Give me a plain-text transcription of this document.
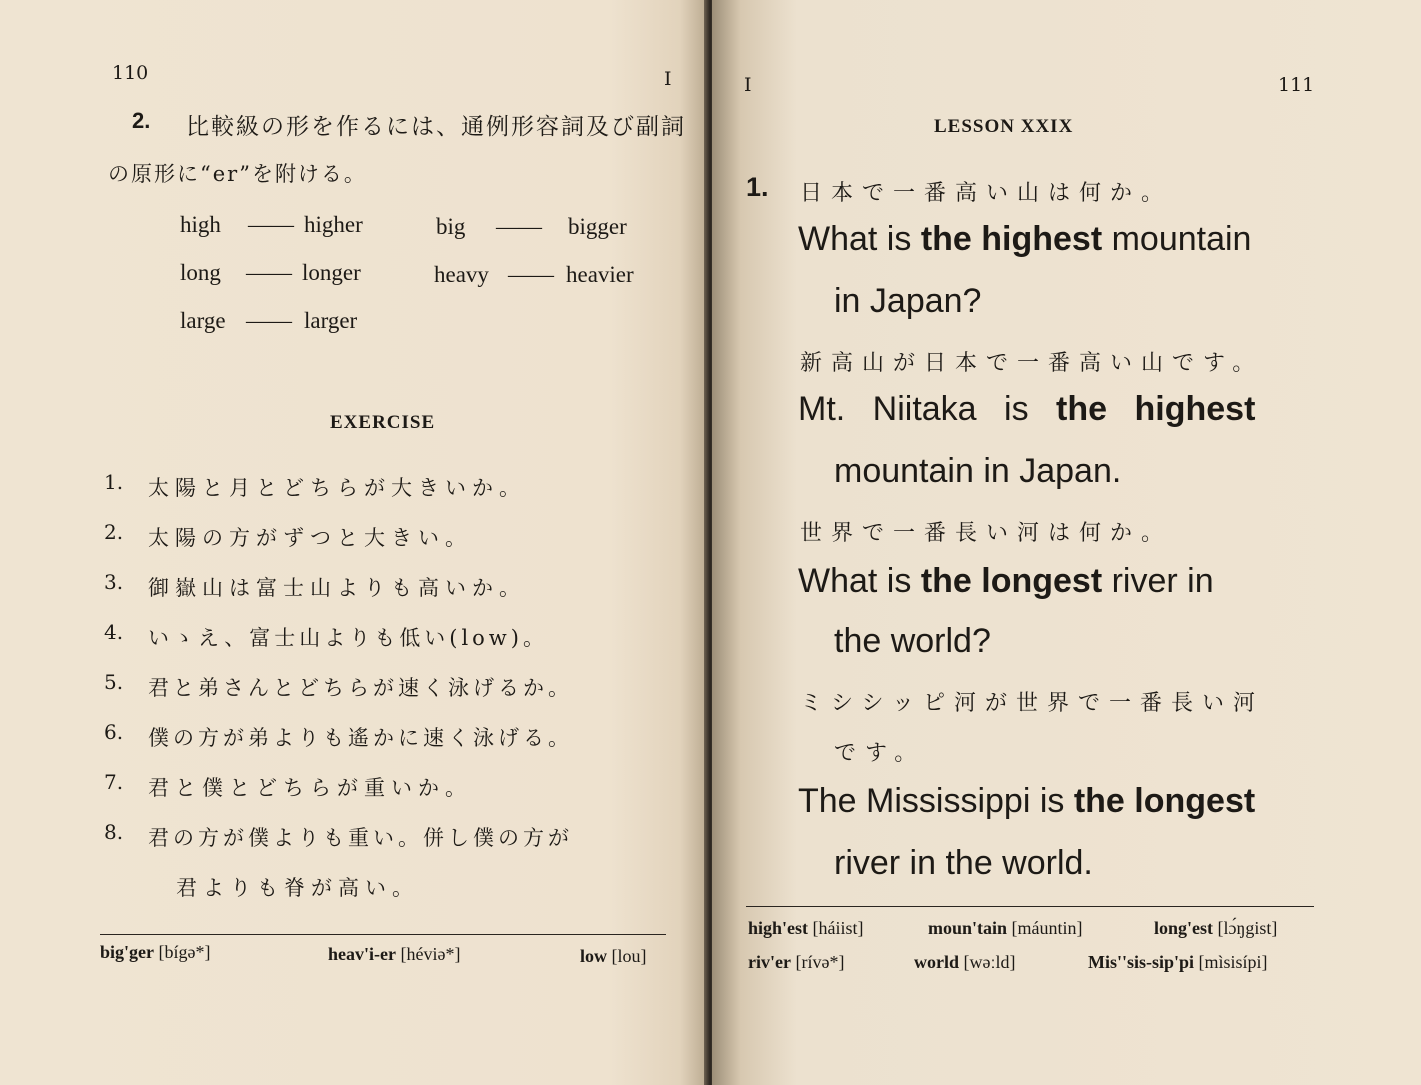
110	I
2. 比較級の形を作るには、通例形容詞及び副詞
の原形に“er”を附ける。
high —— higher	big —— bigger
long —— longer	heavy —— heavier
large —— larger
EXERCISE
1. 太陽と月とどちらが大きいか。
2. 太陽の方がずつと大きい。
3. 御嶽山は富士山よりも高いか。
4. いゝえ、富士山よりも低い(low)。
5. 君と弟さんとどちらが速く泳げるか。
6. 僕の方が弟よりも遙かに速く泳げる。
7. 君と僕とどちらが重いか。
8. 君の方が僕よりも重い。併し僕の方が
君よりも脊が高い。
big'ger [bígə*]	heav'i-er [héviə*]	low [lou]
I	111
LESSON XXIX
1. 日本で一番高い山は何か。
What is the highest mountain
in Japan?
新高山が日本で一番高い山です。
Mt. Niitaka is the highest
mountain in Japan.
世界で一番長い河は何か。
What is the longest river in
the world?
ミシシッピ河が世界で一番長い河
です。
The Mississippi is the longest
river in the world.
high'est [háiist]	moun'tain [máuntin]	long'est [lɔ́ŋgist]
riv'er [rívə*]	world [wəːld]	Mis''sis-sip'pi [mìsisípi]
